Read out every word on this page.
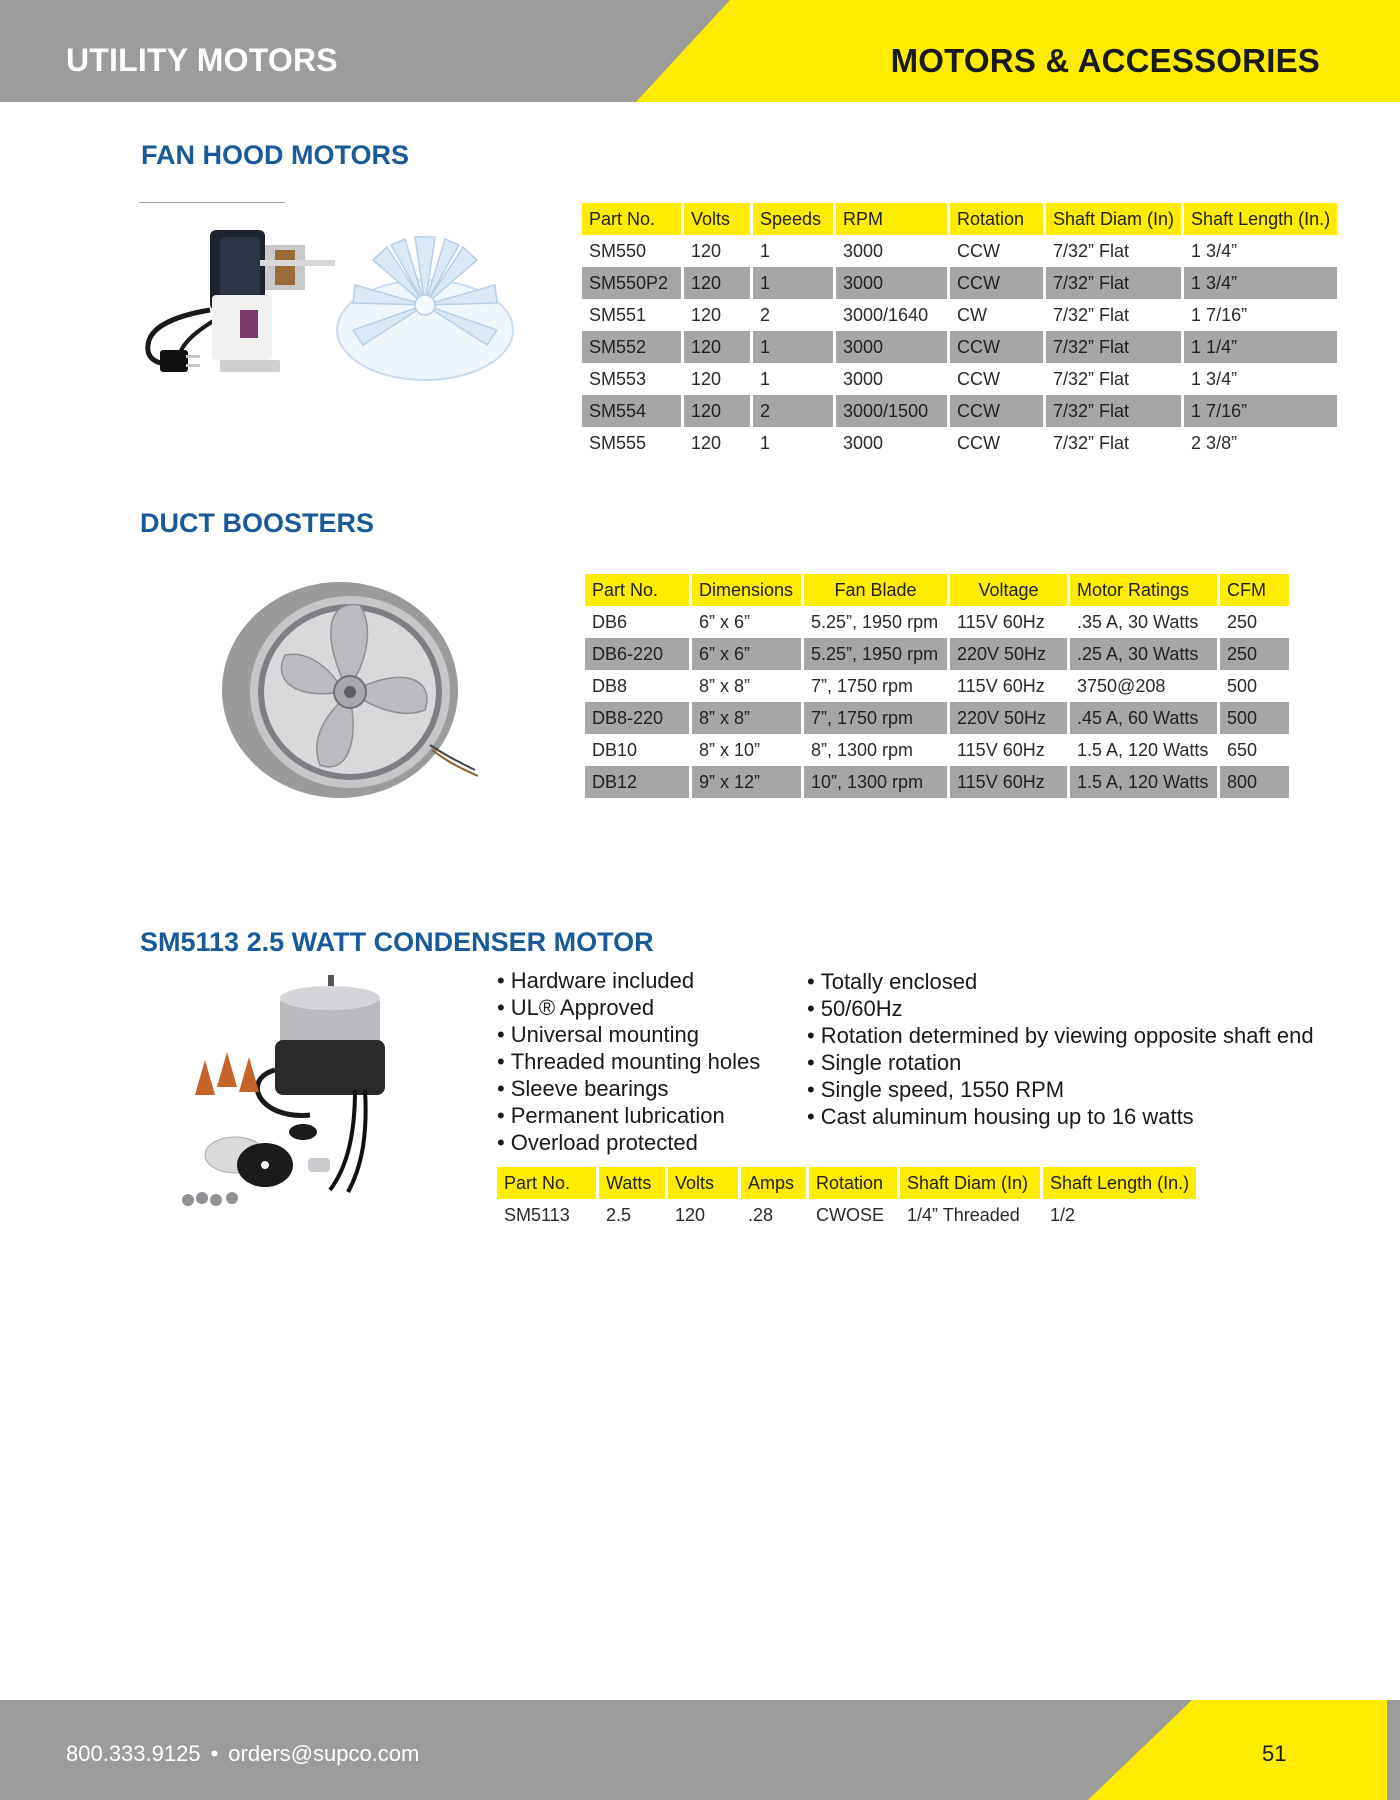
UTILITY MOTORS	MOTORS & ACCESSORIES
FAN HOOD MOTORS
Part No.	Volts	Speeds	RPM	Rotation	Shaft Diam (In)	Shaft Length (In.)
SM550	120	1	3000	CCW	7/32” Flat	1 3/4”
SM550P2	120	1	3000	CCW	7/32” Flat	1 3/4”
SM551	120	2	3000/1640	CW	7/32” Flat	1 7/16”
SM552	120	1	3000	CCW	7/32” Flat	1 1/4”
SM553	120	1	3000	CCW	7/32” Flat	1 3/4”
SM554	120	2	3000/1500	CCW	7/32” Flat	1 7/16”
SM555	120	1	3000	CCW	7/32” Flat	2 3/8”
DUCT BOOSTERS
Part No.	Dimensions	Fan Blade	Voltage	Motor Ratings	CFM
DB6	6” x 6”	5.25”, 1950 rpm	115V 60Hz	.35 A, 30 Watts	250
DB6-220	6” x 6”	5.25”, 1950 rpm	220V 50Hz	.25 A, 30 Watts	250
DB8	8” x 8”	7”, 1750 rpm	115V 60Hz	3750@208	500
DB8-220	8” x 8”	7”, 1750 rpm	220V 50Hz	.45 A, 60 Watts	500
DB10	8” x 10”	8”, 1300 rpm	115V 60Hz	1.5 A, 120 Watts	650
DB12	9” x 12”	10”, 1300 rpm	115V 60Hz	1.5 A, 120 Watts	800
SM5113 2.5 WATT CONDENSER MOTOR
• Hardware included
• UL® Approved
• Universal mounting
• Threaded mounting holes
• Sleeve bearings
• Permanent lubrication
• Overload protected
• Totally enclosed
• 50/60Hz
• Rotation determined by viewing opposite shaft end
• Single rotation
• Single speed, 1550 RPM
• Cast aluminum housing up to 16 watts
Part No.	Watts	Volts	Amps	Rotation	Shaft Diam (In)	Shaft Length (In.)
SM5113	2.5	120	.28	CWOSE	1/4” Threaded	1/2
800.333.9125 • orders@supco.com	51
